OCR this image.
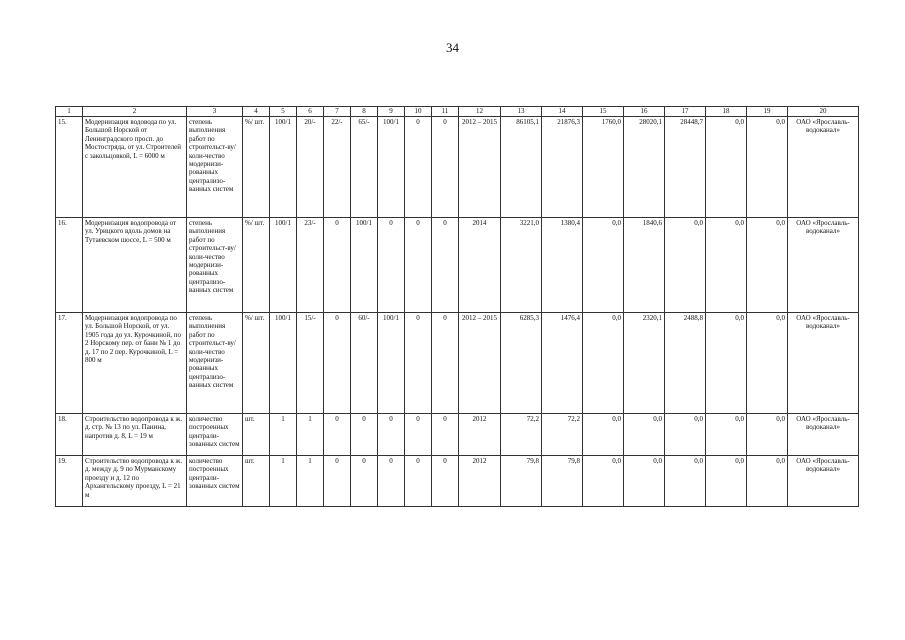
34
1	2	3	4	5	6	7	8	9	10	11	12	13	14	15	16	17	18	19	20
15.	Модернизация водовода по ул. Большой Норской от Ленинградского просп. до Мостостряда, от ул. Строителей с закольцовкой, L = 6000 м	степень выполнения работ по строительст-ву/ коли-чество модернизи-рованных централизо-ванных систем	%/ шт.	100/1	20/-	22/-	65/-	100/1	0	0	2012 – 2015	86105,1	21876,3	1760,0	28020,1	28448,7	0,0	0,0	ОАО «Ярославль-водоканал»
16.	Модернизация водопровода от ул. Урицкого вдоль домов на Тутаевском шоссе, L = 500 м	степень выполнения работ по строительст-ву/ коли-чество модернизи-рованных централизо-ванных систем	%/ шт.	100/1	23/-	0	100/1	0	0	0	2014	3221,0	1380,4	0,0	1840,6	0,0	0,0	0,0	ОАО «Ярославль-водоканал»
17.	Модернизация водопровода по ул. Большой Норской, от ул. 1905 года до ул. Курочкиной, по 2 Норскому пер. от бани № 1 до д. 17 по 2 пер. Курочкиной, L = 800 м	степень выполнения работ по строительст-ву/ коли-чество модернизи-рованных централизо-ванных систем	%/ шт.	100/1	15/-	0	60/-	100/1	0	0	2012 – 2015	6285,3	1476,4	0,0	2320,1	2488,8	0,0	0,0	ОАО «Ярославль-водоканал»
18.	Строительство водопровода к ж. д. стр. № 13 по ул. Панина, напротив д. 8, L = 19 м	количество построенных централи-зованных систем	шт.	1	1	0	0	0	0	0	2012	72,2	72,2	0,0	0,0	0,0	0,0	0,0	ОАО «Ярославль-водоканал»
19.	Строительство водопровода к ж. д. между д. 9 по Мурманскому проезду и д. 12 по Архангельскому проезду, L = 21 м	количество построенных централи-зованных систем	шт.	1	1	0	0	0	0	0	2012	79,8	79,8	0,0	0,0	0,0	0,0	0,0	ОАО «Ярославль-водоканал»
